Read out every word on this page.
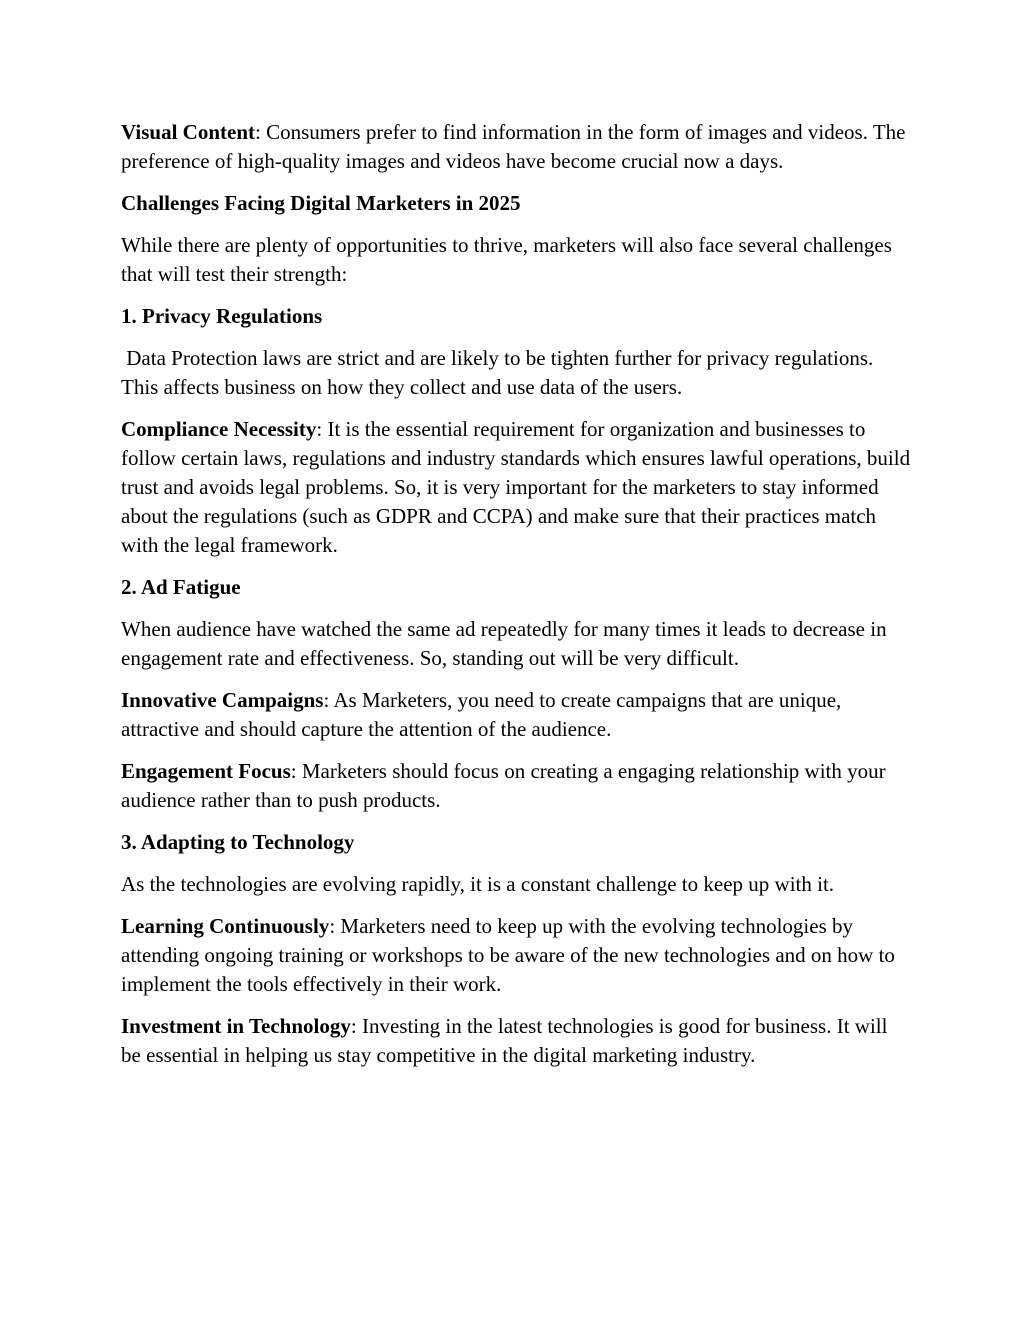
Visual Content: Consumers prefer to find information in the form of images and videos. The preference of high-quality images and videos have become crucial now a days.

Challenges Facing Digital Marketers in 2025

While there are plenty of opportunities to thrive, marketers will also face several challenges that will test their strength:

1. Privacy Regulations

Data Protection laws are strict and are likely to be tighten further for privacy regulations. This affects business on how they collect and use data of the users.

Compliance Necessity: It is the essential requirement for organization and businesses to follow certain laws, regulations and industry standards which ensures lawful operations, build trust and avoids legal problems. So, it is very important for the marketers to stay informed about the regulations (such as GDPR and CCPA) and make sure that their practices match with the legal framework.

2. Ad Fatigue

When audience have watched the same ad repeatedly for many times it leads to decrease in engagement rate and effectiveness. So, standing out will be very difficult.

Innovative Campaigns: As Marketers, you need to create campaigns that are unique, attractive and should capture the attention of the audience.

Engagement Focus: Marketers should focus on creating a engaging relationship with your audience rather than to push products.

3. Adapting to Technology

As the technologies are evolving rapidly, it is a constant challenge to keep up with it.

Learning Continuously: Marketers need to keep up with the evolving technologies by attending ongoing training or workshops to be aware of the new technologies and on how to implement the tools effectively in their work.

Investment in Technology: Investing in the latest technologies is good for business. It will be essential in helping us stay competitive in the digital marketing industry.
